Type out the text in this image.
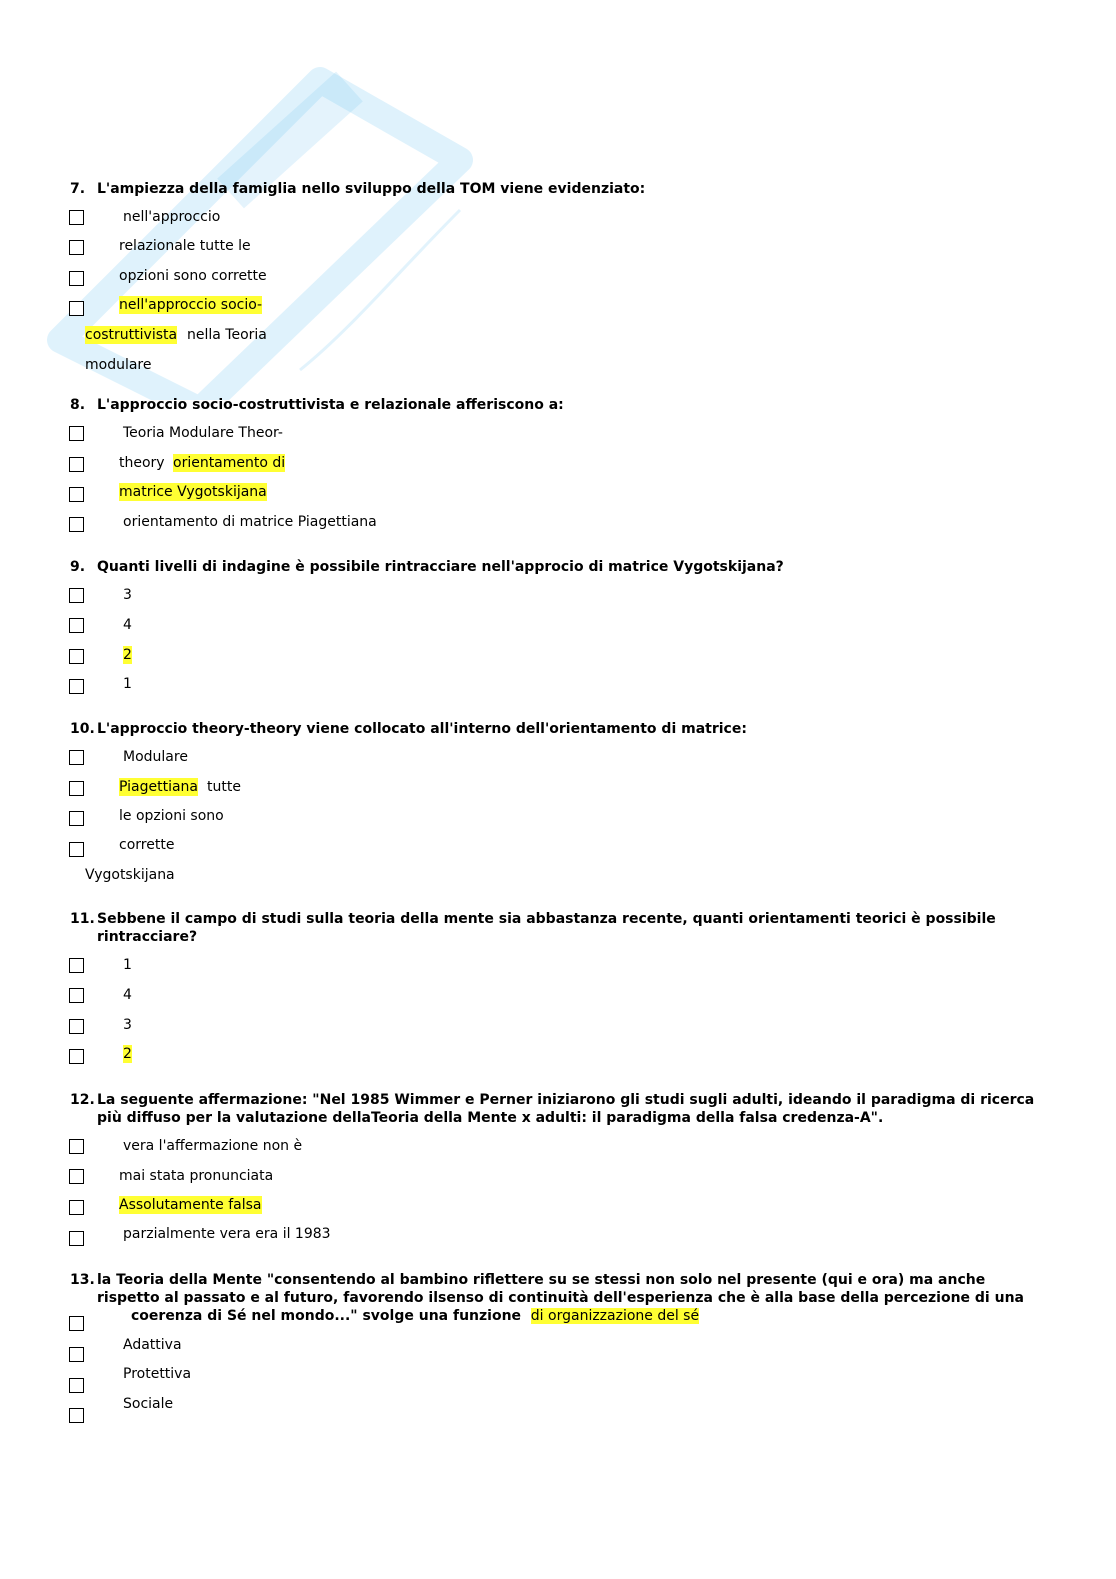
7. L'ampiezza della famiglia nello sviluppo della TOM viene evidenziato:
nell'approccio
relazionale tutte le
opzioni sono corrette
nell'approccio socio-
costruttivista nella Teoria
modulare
8. L'approccio socio-costruttivista e relazionale afferiscono a:
Teoria Modulare Theor-
theory orientamento di
matrice Vygotskijana
orientamento di matrice Piagettiana
9. Quanti livelli di indagine è possibile rintracciare nell'approcio di matrice Vygotskijana?
3
4
2
1
10. L'approccio theory-theory viene collocato all'interno dell'orientamento di matrice:
Modulare
Piagettiana tutte
le opzioni sono
corrette
Vygotskijana
11. Sebbene il campo di studi sulla teoria della mente sia abbastanza recente, quanti orientamenti teorici è possibile
rintracciare?
1
4
3
2
12. La seguente affermazione: "Nel 1985 Wimmer e Perner iniziarono gli studi sugli adulti, ideando il paradigma di ricerca
più diffuso per la valutazione dellaTeoria della Mente x adulti: il paradigma della falsa credenza-A".
vera l'affermazione non è
mai stata pronunciata
Assolutamente falsa
parzialmente vera era il 1983
13. la Teoria della Mente "consentendo al bambino riflettere su se stessi non solo nel presente (qui e ora) ma anche
rispetto al passato e al futuro, favorendo ilsenso di continuità dell'esperienza che è alla base della percezione di una
coerenza di Sé nel mondo..." svolge una funzione di organizzazione del sé
Adattiva
Protettiva
Sociale
